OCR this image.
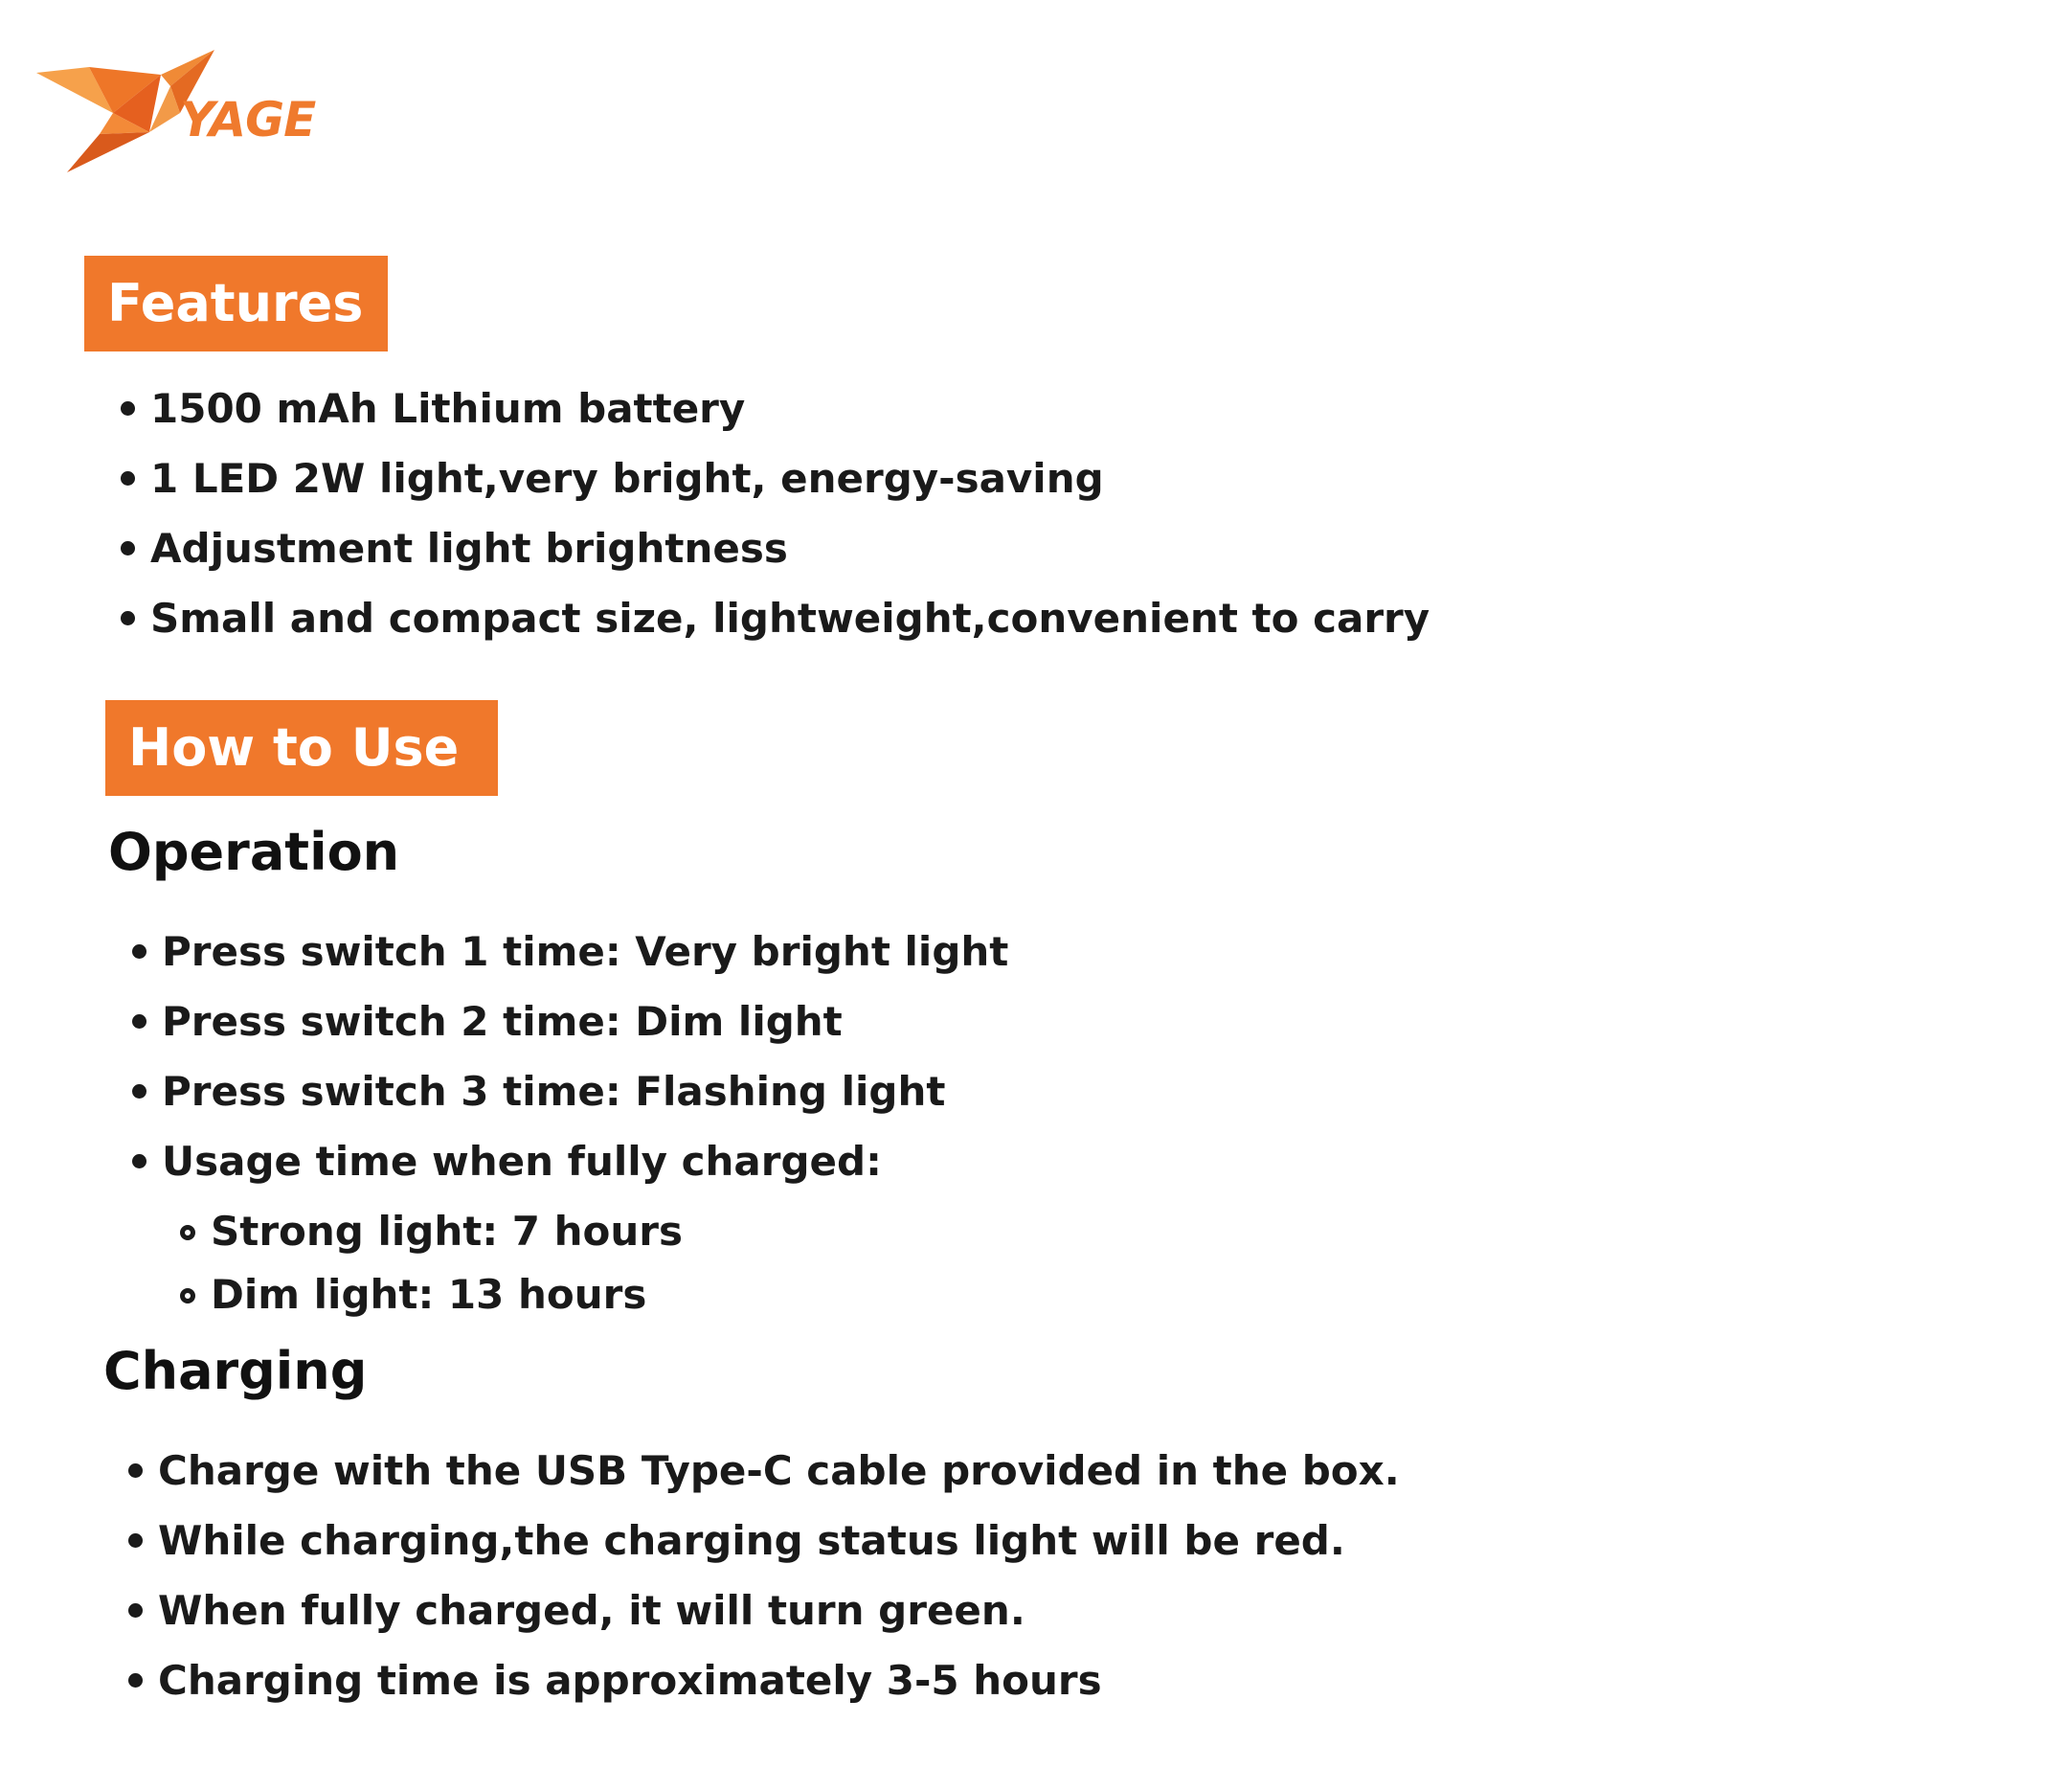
YAGE
Features
1500 mAh Lithium battery
1 LED 2W light,very bright, energy-saving
Adjustment light brightness
Small and compact size, lightweight,convenient to carry
How to Use
Operation
Press switch 1 time: Very bright light
Press switch 2 time: Dim light
Press switch 3 time: Flashing light
Usage time when fully charged:
Strong light: 7 hours
Dim light: 13 hours
Charging
Charge with the USB Type-C cable provided in the box.
While charging,the charging status light will be red.
When fully charged, it will turn green.
Charging time is approximately 3-5 hours
